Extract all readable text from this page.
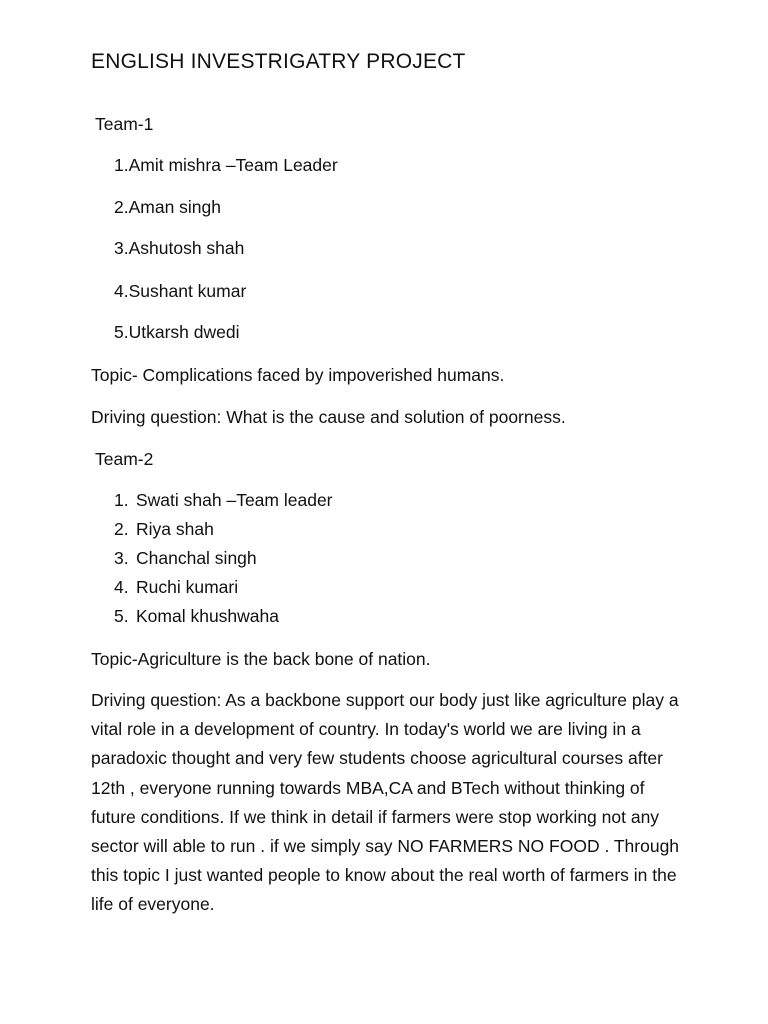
ENGLISH INVESTRIGATRY PROJECT

Team-1

1.Amit mishra –Team Leader

2.Aman singh

3.Ashutosh shah

4.Sushant kumar

5.Utkarsh dwedi

Topic- Complications faced by impoverished humans.

Driving question: What is the cause and solution of poorness.

Team-2

1. Swati shah –Team leader
2. Riya shah
3. Chanchal singh
4. Ruchi kumari
5. Komal khushwaha

Topic-Agriculture is the back bone of nation.

Driving question: As a backbone support our body just like agriculture play a vital role in a development of country. In today's world we are living in a paradoxic thought and very few students choose agricultural courses after 12th , everyone running towards MBA,CA and BTech without thinking of future conditions. If we think in detail if farmers were stop working not any sector will able to run . if we simply say NO FARMERS NO FOOD . Through this topic I just wanted people to know about the real worth of farmers in the life of everyone.
